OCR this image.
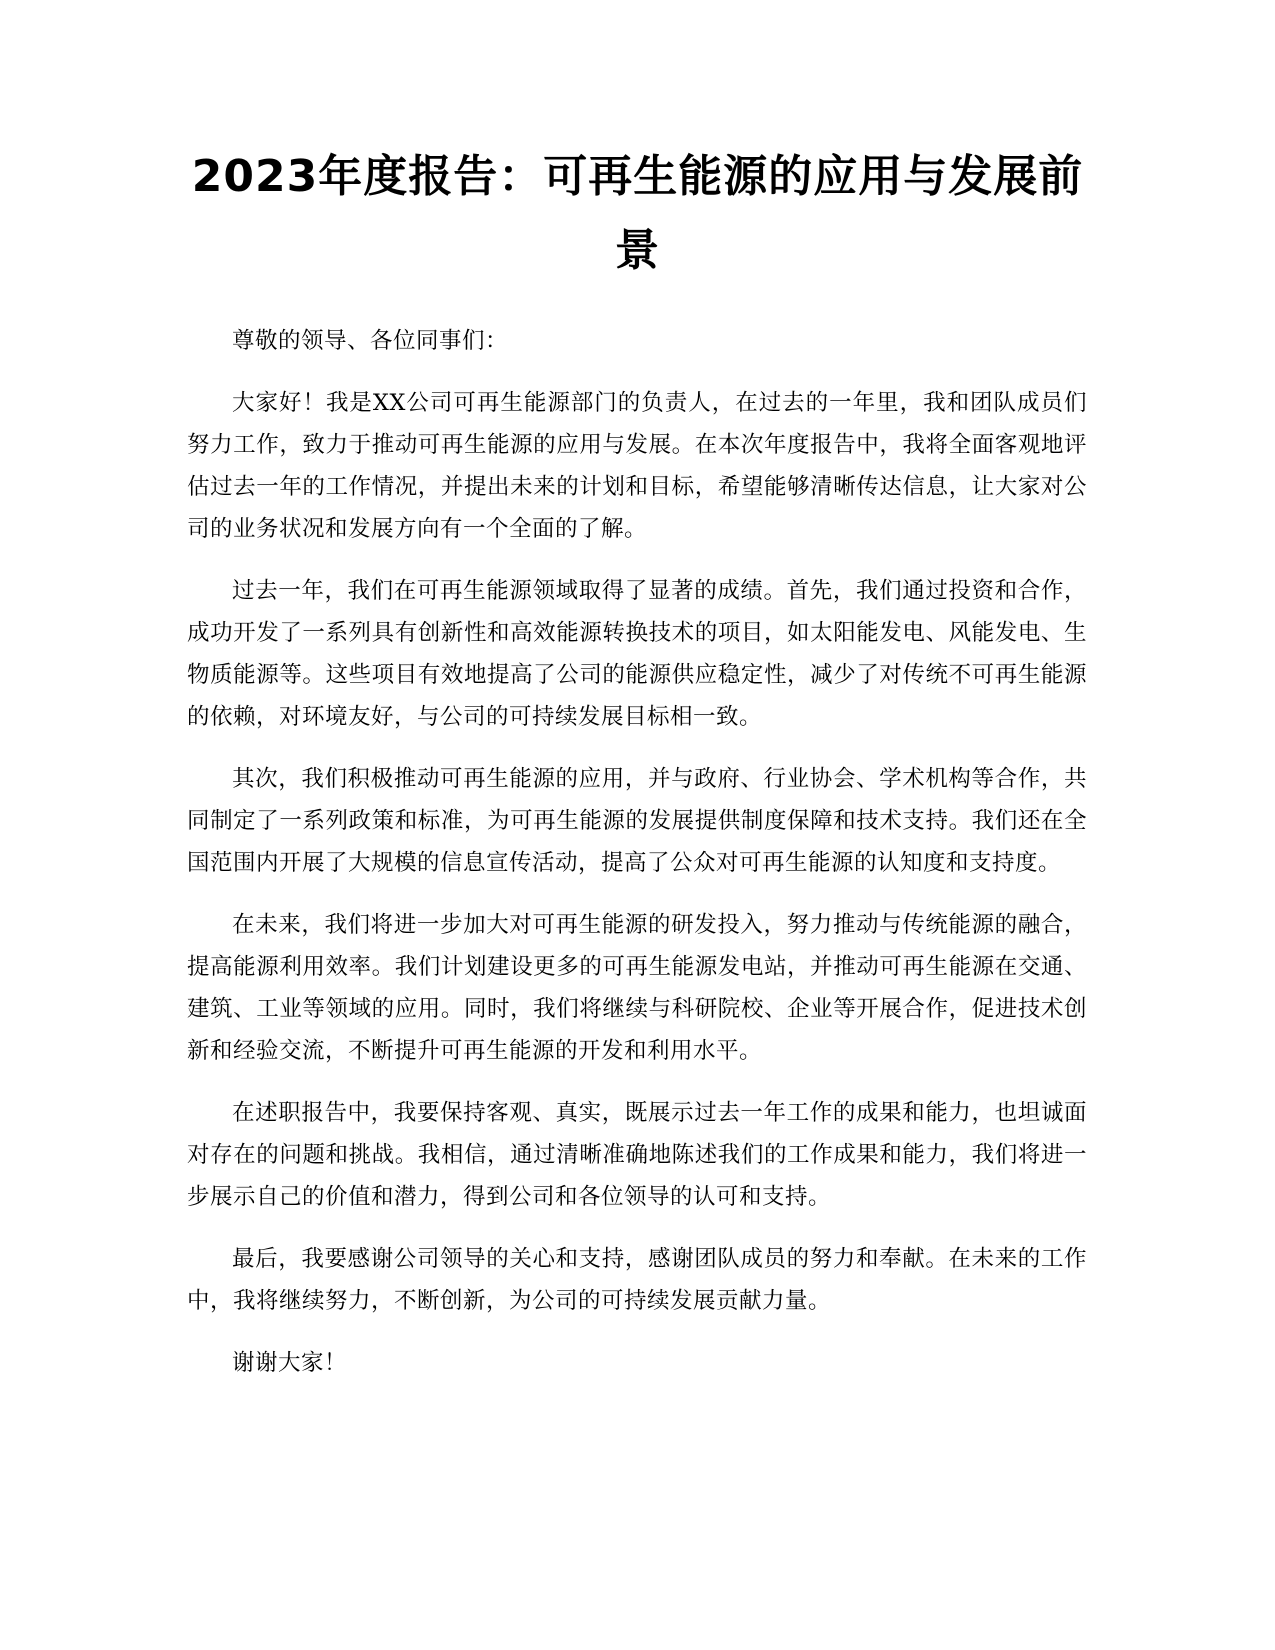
2023年度报告：可再生能源的应用与发展前景

尊敬的领导、各位同事们：

大家好！我是XX公司可再生能源部门的负责人，在过去的一年里，我和团队成员们努力工作，致力于推动可再生能源的应用与发展。在本次年度报告中，我将全面客观地评估过去一年的工作情况，并提出未来的计划和目标，希望能够清晰传达信息，让大家对公司的业务状况和发展方向有一个全面的了解。

过去一年，我们在可再生能源领域取得了显著的成绩。首先，我们通过投资和合作，成功开发了一系列具有创新性和高效能源转换技术的项目，如太阳能发电、风能发电、生物质能源等。这些项目有效地提高了公司的能源供应稳定性，减少了对传统不可再生能源的依赖，对环境友好，与公司的可持续发展目标相一致。

其次，我们积极推动可再生能源的应用，并与政府、行业协会、学术机构等合作，共同制定了一系列政策和标准，为可再生能源的发展提供制度保障和技术支持。我们还在全国范围内开展了大规模的信息宣传活动，提高了公众对可再生能源的认知度和支持度。

在未来，我们将进一步加大对可再生能源的研发投入，努力推动与传统能源的融合，提高能源利用效率。我们计划建设更多的可再生能源发电站，并推动可再生能源在交通、建筑、工业等领域的应用。同时，我们将继续与科研院校、企业等开展合作，促进技术创新和经验交流，不断提升可再生能源的开发和利用水平。

在述职报告中，我要保持客观、真实，既展示过去一年工作的成果和能力，也坦诚面对存在的问题和挑战。我相信，通过清晰准确地陈述我们的工作成果和能力，我们将进一步展示自己的价值和潜力，得到公司和各位领导的认可和支持。

最后，我要感谢公司领导的关心和支持，感谢团队成员的努力和奉献。在未来的工作中，我将继续努力，不断创新，为公司的可持续发展贡献力量。

谢谢大家！
